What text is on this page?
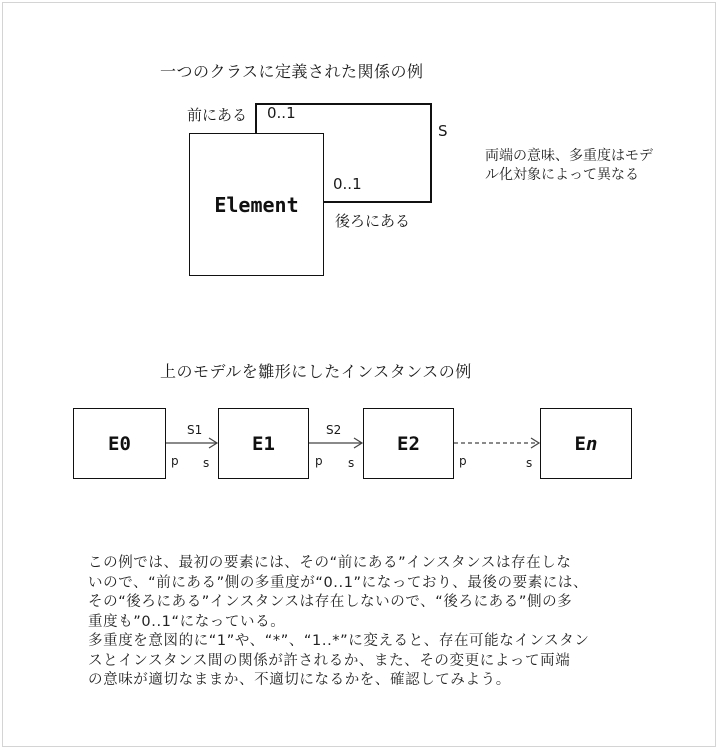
一つのクラスに定義された関係の例
Element
前にある 0..1
S
0..1
後ろにある
両端の意味、多重度はモデ
ル化対象によって異なる
上のモデルを雛形にしたインスタンスの例
E0	E1	E2	En
S1	S2
p s	p s	p	s
この例では、最初の要素には、その“前にある”インスタンスは存在しな
いので、“前にある”側の多重度が“0..1”になっており、最後の要素には、
その“後ろにある”インスタンスは存在しないので、“後ろにある”側の多
重度も”0..1“になっている。
多重度を意図的に“1”や、“*”、“1..*”に変えると、存在可能なインスタン
スとインスタンス間の関係が許されるか、また、その変更によって両端
の意味が適切なままか、不適切になるかを、確認してみよう。
